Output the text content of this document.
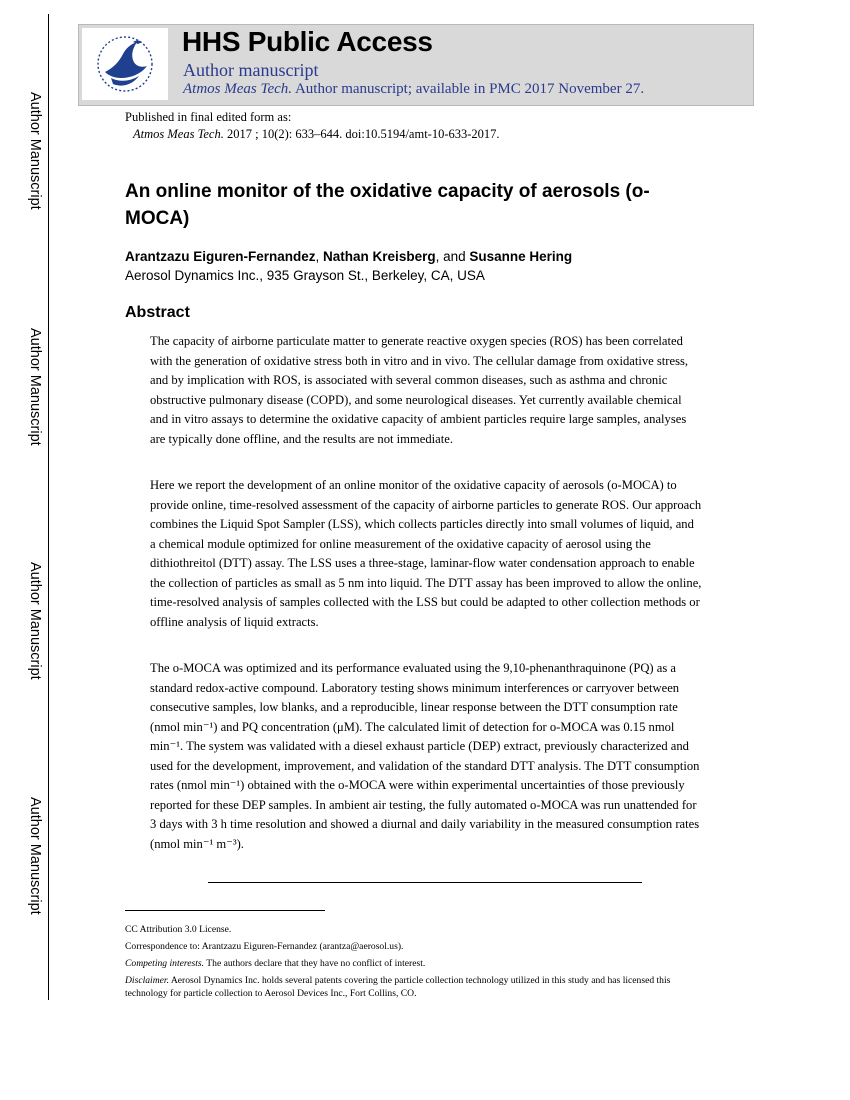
Author Manuscript
Author Manuscript
Author Manuscript
Author Manuscript
HHS Public Access
Author manuscript
Atmos Meas Tech. Author manuscript; available in PMC 2017 November 27.
Published in final edited form as:
Atmos Meas Tech. 2017 ; 10(2): 633–644. doi:10.5194/amt-10-633-2017.
An online monitor of the oxidative capacity of aerosols (o-MOCA)
Arantzazu Eiguren-Fernandez, Nathan Kreisberg, and Susanne Hering
Aerosol Dynamics Inc., 935 Grayson St., Berkeley, CA, USA
Abstract

The capacity of airborne particulate matter to generate reactive oxygen species (ROS) has been correlated with the generation of oxidative stress both in vitro and in vivo. The cellular damage from oxidative stress, and by implication with ROS, is associated with several common diseases, such as asthma and chronic obstructive pulmonary disease (COPD), and some neurological diseases. Yet currently available chemical and in vitro assays to determine the oxidative capacity of ambient particles require large samples, analyses are typically done offline, and the results are not immediate.

Here we report the development of an online monitor of the oxidative capacity of aerosols (o-MOCA) to provide online, time-resolved assessment of the capacity of airborne particles to generate ROS. Our approach combines the Liquid Spot Sampler (LSS), which collects particles directly into small volumes of liquid, and a chemical module optimized for online measurement of the oxidative capacity of aerosol using the dithiothreitol (DTT) assay. The LSS uses a three-stage, laminar-flow water condensation approach to enable the collection of particles as small as 5 nm into liquid. The DTT assay has been improved to allow the online, time-resolved analysis of samples collected with the LSS but could be adapted to other collection methods or offline analysis of liquid extracts.

The o-MOCA was optimized and its performance evaluated using the 9,10-phenanthraquinone (PQ) as a standard redox-active compound. Laboratory testing shows minimum interferences or carryover between consecutive samples, low blanks, and a reproducible, linear response between the DTT consumption rate (nmol min⁻¹) and PQ concentration (μM). The calculated limit of detection for o-MOCA was 0.15 nmol min⁻¹. The system was validated with a diesel exhaust particle (DEP) extract, previously characterized and used for the development, improvement, and validation of the standard DTT analysis. The DTT consumption rates (nmol min⁻¹) obtained with the o-MOCA were within experimental uncertainties of those previously reported for these DEP samples. In ambient air testing, the fully automated o-MOCA was run unattended for 3 days with 3 h time resolution and showed a diurnal and daily variability in the measured consumption rates (nmol min⁻¹ m⁻³).

CC Attribution 3.0 License.
Correspondence to: Arantzazu Eiguren-Fernandez (arantza@aerosol.us).
Competing interests. The authors declare that they have no conflict of interest.
Disclaimer. Aerosol Dynamics Inc. holds several patents covering the particle collection technology utilized in this study and has licensed this technology for particle collection to Aerosol Devices Inc., Fort Collins, CO.
